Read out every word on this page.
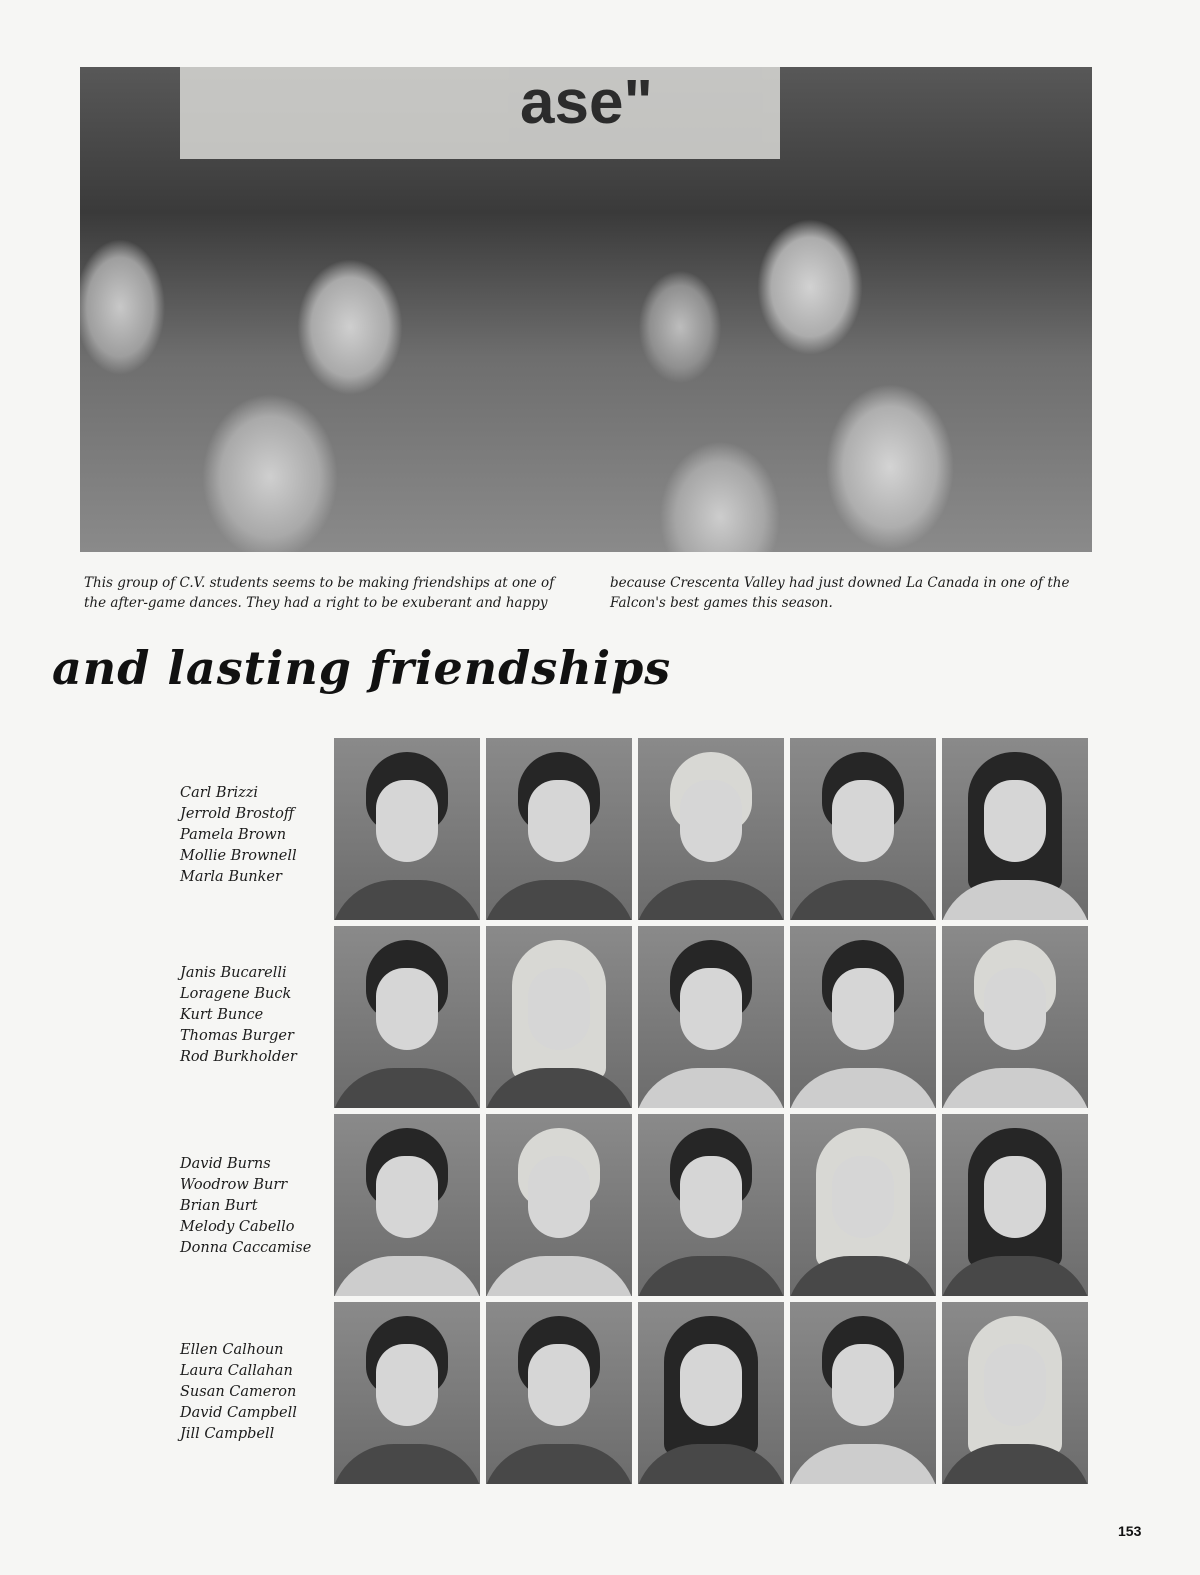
ase"

This group of C.V. students seems to be making friendships at one of the after-game dances. They had a right to be exuberant and happy

because Crescenta Valley had just downed La Canada in one of the Falcon's best games this season.

and lasting friendships
Carl Brizzi
Jerrold Brostoff
Pamela Brown
Mollie Brownell
Marla Bunker
Janis Bucarelli
Loragene Buck
Kurt Bunce
Thomas Burger
Rod Burkholder
David Burns
Woodrow Burr
Brian Burt
Melody Cabello
Donna Caccamise
Ellen Calhoun
Laura Callahan
Susan Cameron
David Campbell
Jill Campbell
153
